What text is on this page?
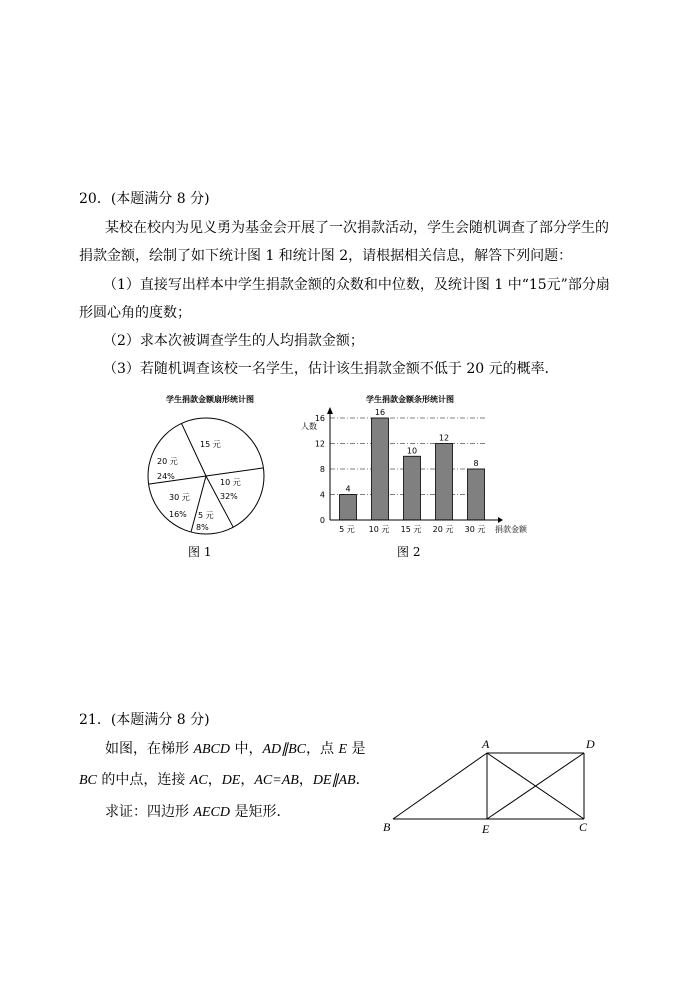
20．(本题满分 8 分)
某校在校内为见义勇为基金会开展了一次捐款活动，学生会随机调查了部分学生的
捐款金额，绘制了如下统计图 1 和统计图 2，请根据相关信息，解答下列问题：
（1）直接写出样本中学生捐款金额的众数和中位数，及统计图 1 中“15元”部分扇
形圆心角的度数；
（2）求本次被调查学生的人均捐款金额；
（3）若随机调查该校一名学生，估计该生捐款金额不低于 20 元的概率．
学生捐款金额扇形统计图
15 元
10 元
32%
5 元
8%
30 元
16%
20 元
24%
图 1
学生捐款金额条形统计图
人数
捐款金额
4
16
10
12
8
0
4
8
12
16
5 元 10 元 15 元 20 元 30 元
图 2
21．(本题满分 8 分)
如图，在梯形 ABCD 中，AD∥BC，点 E 是
BC 的中点，连接 AC，DE，AC=AB，DE∥AB．
求证：四边形 AECD 是矩形．
A	D
B	E	C
